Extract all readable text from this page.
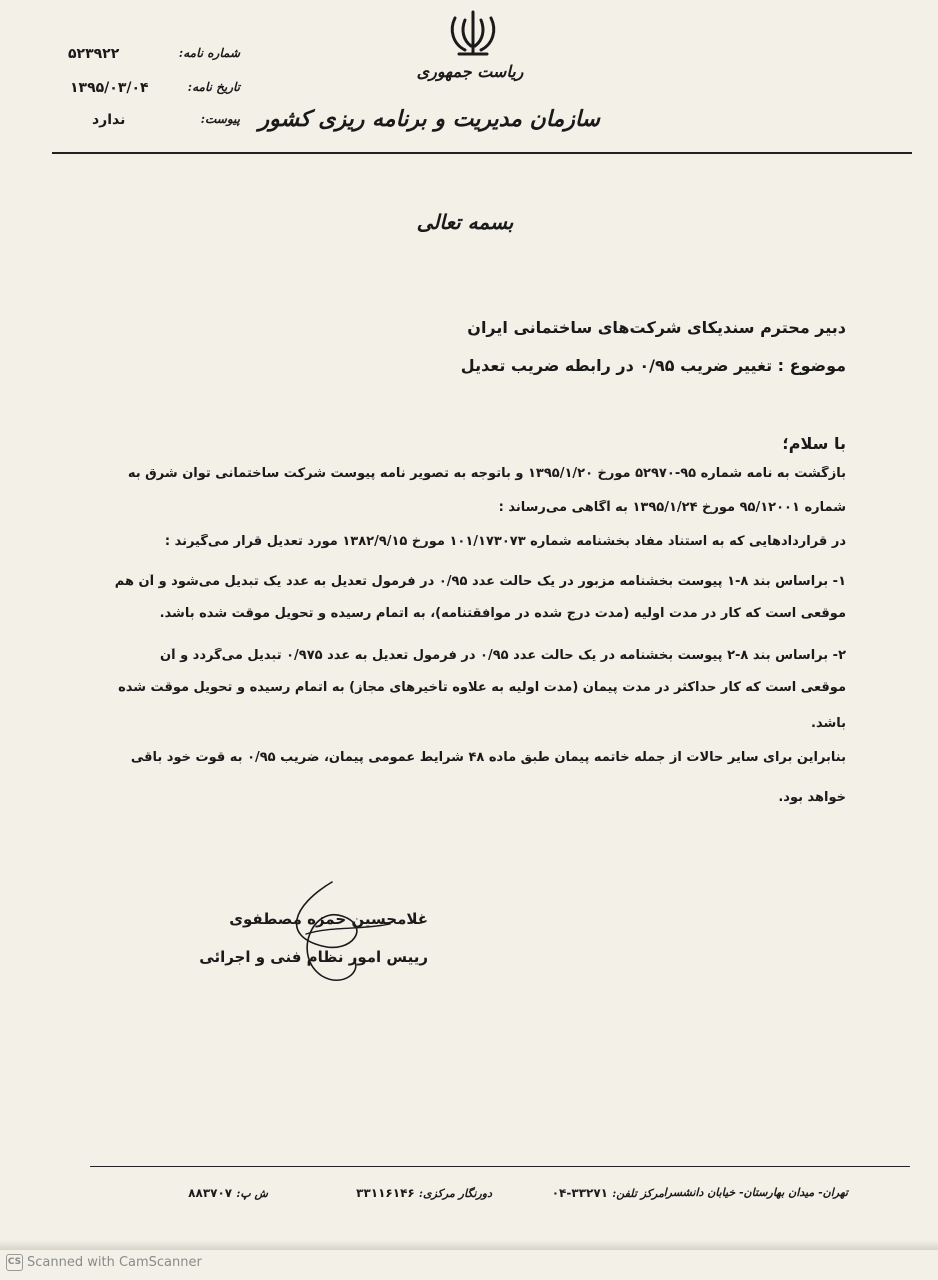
ریاست جمهوری
سازمان مدیریت و برنامه ریزی کشور
۵۲۳۹۲۲	شماره نامه:
۱۳۹۵/۰۳/۰۴	تاریخ نامه:
ندارد	پیوست:
بسمه تعالی
دبیر محترم سندیکای شرکت‌های ساختمانی ایران
موضوع : تغییر ضریب ۰/۹۵ در رابطه ضریب تعدیل
با سلام؛
بازگشت به نامه شماره ۹۵-۵۲۹۷۰ مورخ ۱۳۹۵/۱/۲۰ و باتوجه به تصویر نامه پیوست شرکت ساختمانی توان شرق به
شماره ۹۵/۱۲۰۰۱ مورخ ۱۳۹۵/۱/۲۴ به آگاهی می‌رساند :
در قراردادهایی که به استناد مفاد بخشنامه شماره ۱۰۱/۱۷۳۰۷۳ مورخ ۱۳۸۲/۹/۱۵ مورد تعدیل قرار می‌گیرند :
۱- براساس بند ۸-۱ پیوست بخشنامه مزبور در یک حالت عدد ۰/۹۵ در فرمول تعدیل به عدد یک تبدیل می‌شود و آن هم
موقعی است که کار در مدت اولیه (مدت درج شده در موافقتنامه)، به اتمام رسیده و تحویل موقت شده باشد.
۲- براساس بند ۸-۲ پیوست بخشنامه در یک حالت عدد ۰/۹۵ در فرمول تعدیل به عدد ۰/۹۷۵ تبدیل می‌گردد و آن
موقعی است که کار حداکثر در مدت پیمان (مدت اولیه به علاوه تأخیرهای مجاز) به اتمام رسیده و تحویل موقت شده
باشد.
بنابراین برای سایر حالات از جمله خاتمه پیمان طبق ماده ۴۸ شرایط عمومی پیمان، ضریب ۰/۹۵ به قوت خود باقی
خواهد بود.
غلامحسین حمزه مصطفوی
رییس امور نظام فنی و اجرائی
تهران- میدان بهارستان- خیابان دانشسرا
مرکز تلفن: ۳۳۲۷۱-۰۴
دورنگار مرکزی: ۳۳۱۱۶۱۴۶
ش پ: ۸۸۳۷۰۷
CS Scanned with CamScanner
